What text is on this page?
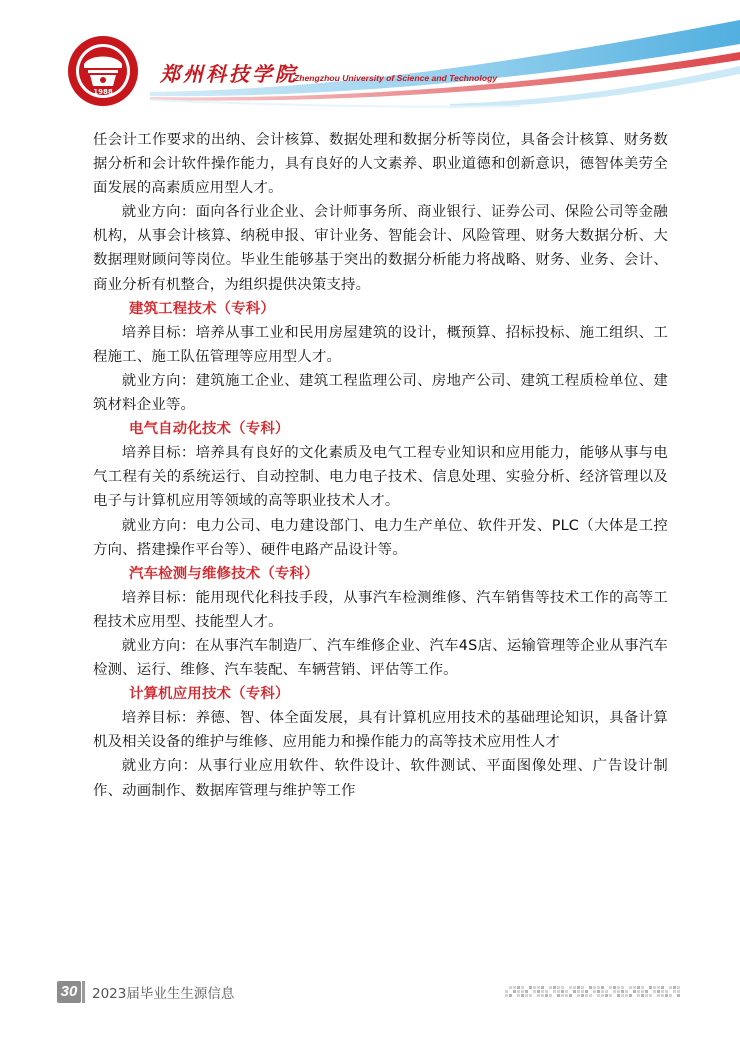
1988
郑州科技学院
Zhengzhou University of Science and Technology

任会计工作要求的出纳、会计核算、数据处理和数据分析等岗位，具备会计核算、财务数据分析和会计软件操作能力，具有良好的人文素养、职业道德和创新意识，德智体美劳全面发展的高素质应用型人才。

就业方向：面向各行业企业、会计师事务所、商业银行、证券公司、保险公司等金融机构，从事会计核算、纳税申报、审计业务、智能会计、风险管理、财务大数据分析、大数据理财顾问等岗位。毕业生能够基于突出的数据分析能力将战略、财务、业务、会计、商业分析有机整合，为组织提供决策支持。

建筑工程技术（专科）

培养目标：培养从事工业和民用房屋建筑的设计，概预算、招标投标、施工组织、工程施工、施工队伍管理等应用型人才。

就业方向：建筑施工企业、建筑工程监理公司、房地产公司、建筑工程质检单位、建筑材料企业等。

电气自动化技术（专科）

培养目标：培养具有良好的文化素质及电气工程专业知识和应用能力，能够从事与电气工程有关的系统运行、自动控制、电力电子技术、信息处理、实验分析、经济管理以及电子与计算机应用等领域的高等职业技术人才。

就业方向：电力公司、电力建设部门、电力生产单位、软件开发、PLC（大体是工控方向、搭建操作平台等）、硬件电路产品设计等。

汽车检测与维修技术（专科）

培养目标：能用现代化科技手段，从事汽车检测维修、汽车销售等技术工作的高等工程技术应用型、技能型人才。

就业方向：在从事汽车制造厂、汽车维修企业、汽车4S店、运输管理等企业从事汽车检测、运行、维修、汽车装配、车辆营销、评估等工作。

计算机应用技术（专科）

培养目标：养德、智、体全面发展，具有计算机应用技术的基础理论知识，具备计算机及相关设备的维护与维修、应用能力和操作能力的高等技术应用性人才

就业方向：从事行业应用软件、软件设计、软件测试、平面图像处理、广告设计制作、动画制作、数据库管理与维护等工作

30 2023届毕业生生源信息
